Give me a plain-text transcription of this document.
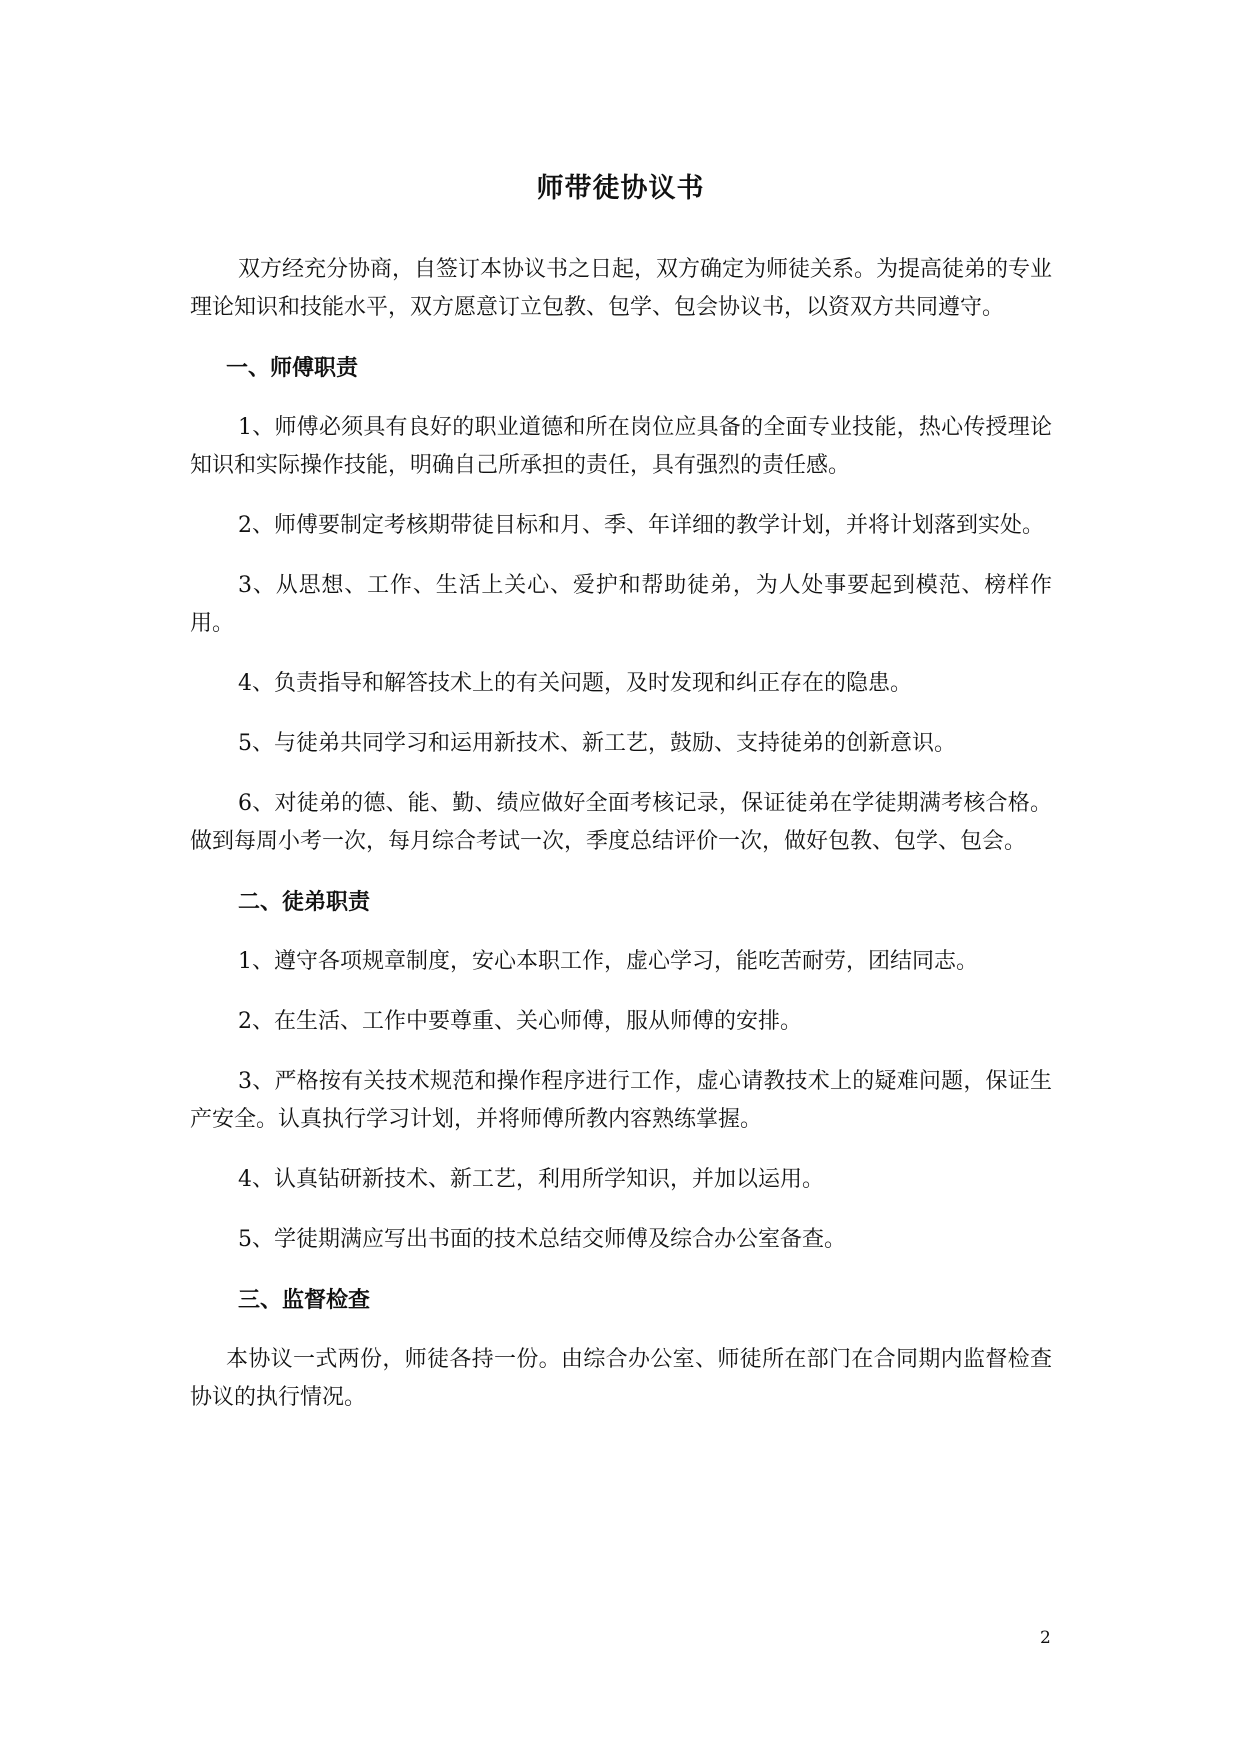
师带徒协议书

双方经充分协商，自签订本协议书之日起，双方确定为师徒关系。为提高徒弟的专业理论知识和技能水平，双方愿意订立包教、包学、包会协议书，以资双方共同遵守。

一、师傅职责

1、师傅必须具有良好的职业道德和所在岗位应具备的全面专业技能，热心传授理论知识和实际操作技能，明确自己所承担的责任，具有强烈的责任感。

2、师傅要制定考核期带徒目标和月、季、年详细的教学计划，并将计划落到实处。

3、从思想、工作、生活上关心、爱护和帮助徒弟，为人处事要起到模范、榜样作用。

4、负责指导和解答技术上的有关问题，及时发现和纠正存在的隐患。

5、与徒弟共同学习和运用新技术、新工艺，鼓励、支持徒弟的创新意识。

6、对徒弟的德、能、勤、绩应做好全面考核记录，保证徒弟在学徒期满考核合格。做到每周小考一次，每月综合考试一次，季度总结评价一次，做好包教、包学、包会。

二、徒弟职责

1、遵守各项规章制度，安心本职工作，虚心学习，能吃苦耐劳，团结同志。

2、在生活、工作中要尊重、关心师傅，服从师傅的安排。

3、严格按有关技术规范和操作程序进行工作，虚心请教技术上的疑难问题，保证生产安全。认真执行学习计划，并将师傅所教内容熟练掌握。

4、认真钻研新技术、新工艺，利用所学知识，并加以运用。

5、学徒期满应写出书面的技术总结交师傅及综合办公室备查。

三、监督检查

本协议一式两份，师徒各持一份。由综合办公室、师徒所在部门在合同期内监督检查协议的执行情况。

2
